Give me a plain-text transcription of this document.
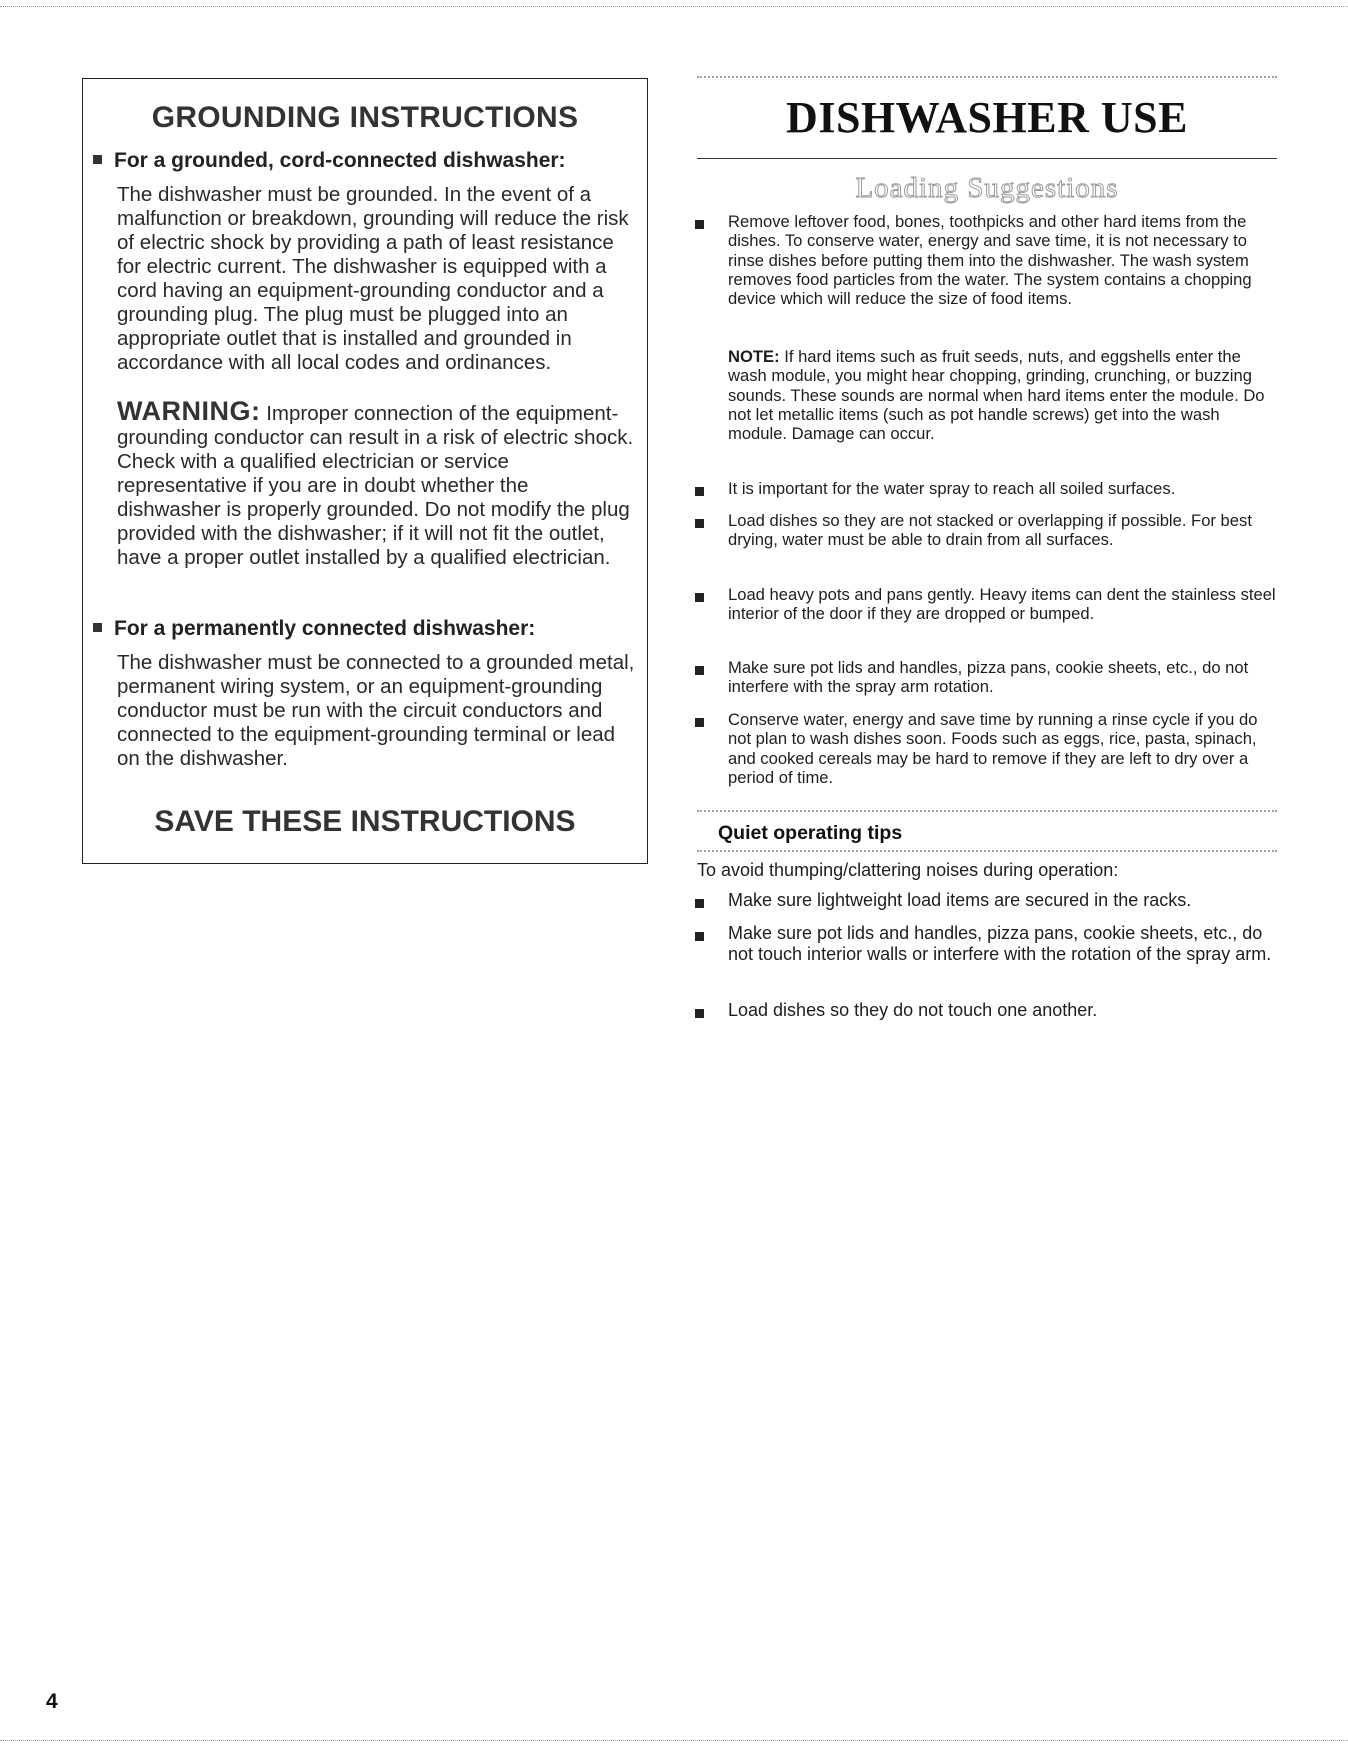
GROUNDING INSTRUCTIONS
For a grounded, cord-connected dishwasher:
The dishwasher must be grounded. In the event of a malfunction or breakdown, grounding will reduce the risk of electric shock by providing a path of least resistance for electric current. The dishwasher is equipped with a cord having an equipment-grounding conductor and a grounding plug. The plug must be plugged into an appropriate outlet that is installed and grounded in accordance with all local codes and ordinances.
WARNING: Improper connection of the equipment-grounding conductor can result in a risk of electric shock. Check with a qualified electrician or service representative if you are in doubt whether the dishwasher is properly grounded. Do not modify the plug provided with the dishwasher; if it will not fit the outlet, have a proper outlet installed by a qualified electrician.
For a permanently connected dishwasher:
The dishwasher must be connected to a grounded metal, permanent wiring system, or an equipment-grounding conductor must be run with the circuit conductors and connected to the equipment-grounding terminal or lead on the dishwasher.
SAVE THESE INSTRUCTIONS
DISHWASHER USE
Loading Suggestions
Remove leftover food, bones, toothpicks and other hard items from the dishes. To conserve water, energy and save time, it is not necessary to rinse dishes before putting them into the dishwasher. The wash system removes food particles from the water. The system contains a chopping device which will reduce the size of food items.
NOTE: If hard items such as fruit seeds, nuts, and eggshells enter the wash module, you might hear chopping, grinding, crunching, or buzzing sounds. These sounds are normal when hard items enter the module. Do not let metallic items (such as pot handle screws) get into the wash module. Damage can occur.
It is important for the water spray to reach all soiled surfaces.
Load dishes so they are not stacked or overlapping if possible. For best drying, water must be able to drain from all surfaces.
Load heavy pots and pans gently. Heavy items can dent the stainless steel interior of the door if they are dropped or bumped.
Make sure pot lids and handles, pizza pans, cookie sheets, etc., do not interfere with the spray arm rotation.
Conserve water, energy and save time by running a rinse cycle if you do not plan to wash dishes soon. Foods such as eggs, rice, pasta, spinach, and cooked cereals may be hard to remove if they are left to dry over a period of time.
Quiet operating tips
To avoid thumping/clattering noises during operation:
Make sure lightweight load items are secured in the racks.
Make sure pot lids and handles, pizza pans, cookie sheets, etc., do not touch interior walls or interfere with the rotation of the spray arm.
Load dishes so they do not touch one another.
4
